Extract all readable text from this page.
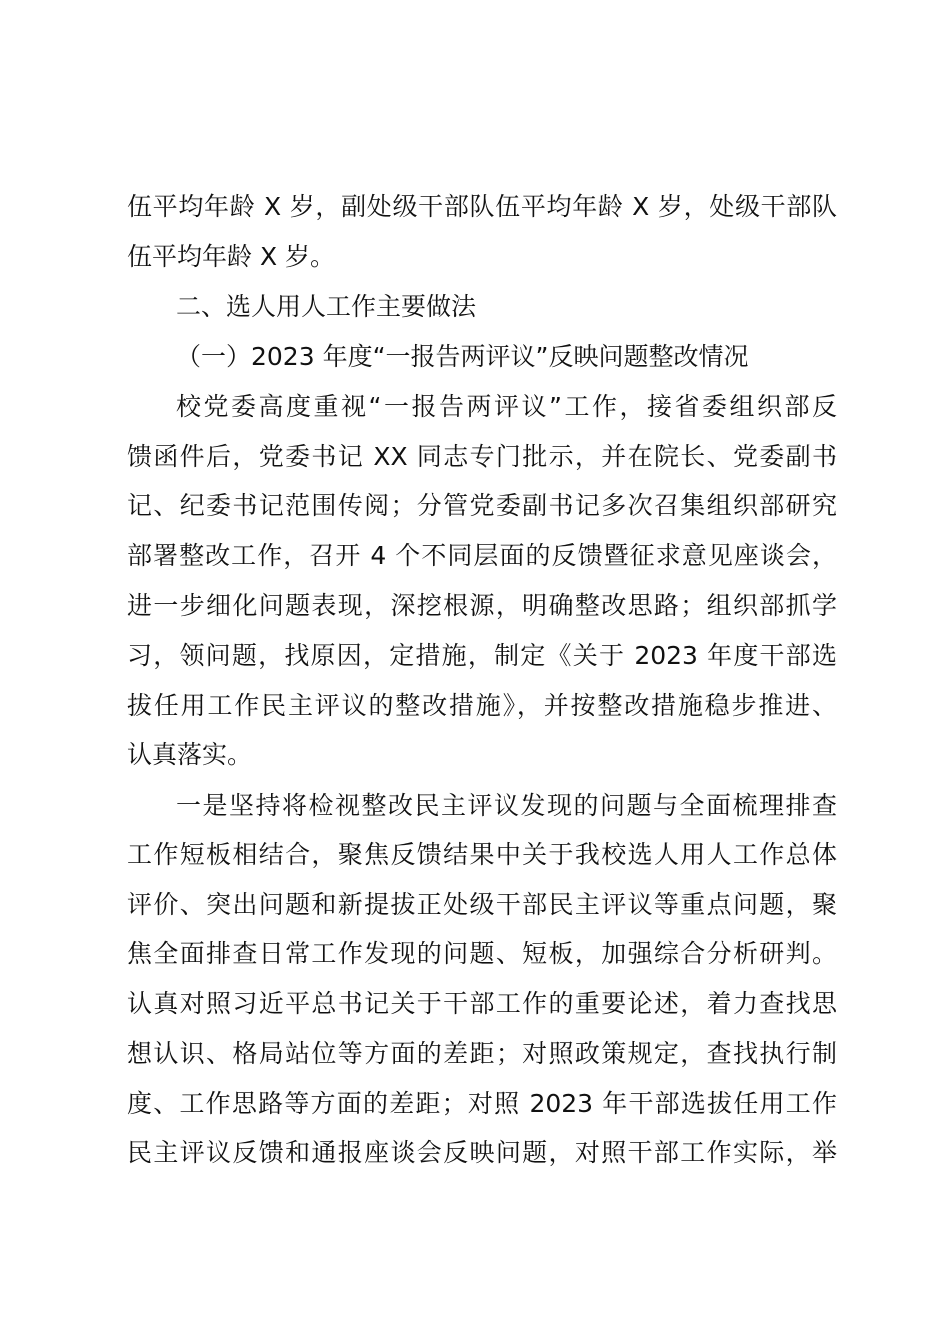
伍平均年龄 X 岁，副处级干部队伍平均年龄 X 岁，处级干部队
伍平均年龄 X 岁。
二、选人用人工作主要做法
（一）2023 年度“一报告两评议”反映问题整改情况
校党委高度重视“一报告两评议”工作，接省委组织部反
馈函件后，党委书记 XX 同志专门批示，并在院长、党委副书
记、纪委书记范围传阅；分管党委副书记多次召集组织部研究
部署整改工作，召开 4 个不同层面的反馈暨征求意见座谈会，
进一步细化问题表现，深挖根源，明确整改思路；组织部抓学
习，领问题，找原因，定措施，制定《关于 2023 年度干部选
拔任用工作民主评议的整改措施》，并按整改措施稳步推进、
认真落实。
一是坚持将检视整改民主评议发现的问题与全面梳理排查
工作短板相结合，聚焦反馈结果中关于我校选人用人工作总体
评价、突出问题和新提拔正处级干部民主评议等重点问题，聚
焦全面排查日常工作发现的问题、短板，加强综合分析研判。
认真对照习近平总书记关于干部工作的重要论述，着力查找思
想认识、格局站位等方面的差距；对照政策规定，查找执行制
度、工作思路等方面的差距；对照 2023 年干部选拔任用工作
民主评议反馈和通报座谈会反映问题，对照干部工作实际，举
